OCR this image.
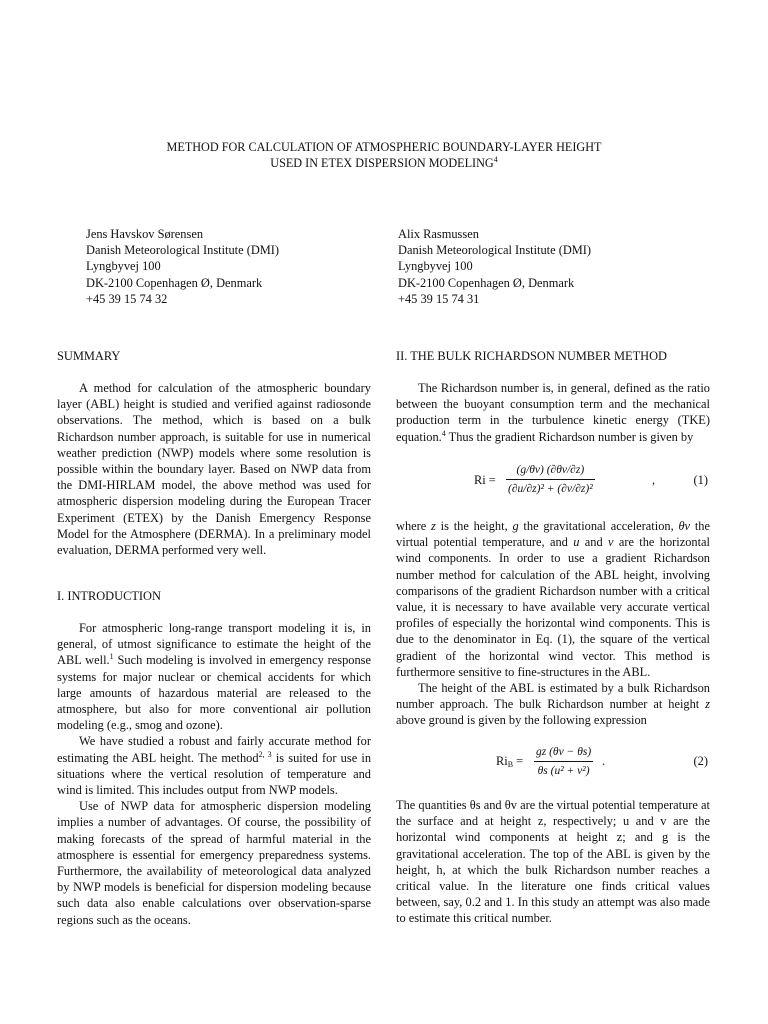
METHOD FOR CALCULATION OF ATMOSPHERIC BOUNDARY-LAYER HEIGHT
USED IN ETEX DISPERSION MODELING$^4$
Jens Havskov Sørensen
Danish Meteorological Institute (DMI)
Lyngbyvej 100
DK-2100 Copenhagen Ø, Denmark
+45 39 15 74 32
Alix Rasmussen
Danish Meteorological Institute (DMI)
Lyngbyvej 100
DK-2100 Copenhagen Ø, Denmark
+45 39 15 74 31
SUMMARY

A method for calculation of the atmospheric boundary layer (ABL) height is studied and verified against radiosonde observations. The method, which is based on a bulk Richardson number approach, is suitable for use in numerical weather prediction (NWP) models where some resolution is possible within the boundary layer. Based on NWP data from the DMI-HIRLAM model, the above method was used for atmospheric dispersion modeling during the European Tracer Experiment (ETEX) by the Danish Emergency Response Model for the Atmosphere (DERMA). In a preliminary model evaluation, DERMA performed very well.

I. INTRODUCTION

For atmospheric long-range transport modeling it is, in general, of utmost significance to estimate the height of the ABL well.$^1$ Such modeling is involved in emergency response systems for major nuclear or chemical accidents for which large amounts of hazardous material are released to the atmosphere, but also for more conventional air pollution modeling (e.g., smog and ozone).

We have studied a robust and fairly accurate method for estimating the ABL height. The method$^{2, 3}$ is suited for use in situations where the vertical resolution of temperature and wind is limited. This includes output from NWP models.

Use of NWP data for atmospheric dispersion modeling implies a number of advantages. Of course, the possibility of making forecasts of the spread of harmful material in the atmosphere is essential for emergency preparedness systems. Furthermore, the availability of meteorological data analyzed by NWP models is beneficial for dispersion modeling because such data also enable calculations over observation-sparse regions such as the oceans.

II. THE BULK RICHARDSON NUMBER METHOD

The Richardson number is, in general, defined as the ratio between the buoyant consumption term and the mechanical production term in the turbulence kinetic energy (TKE) equation.$^4$ Thus the gradient Richardson number is given by

Ri =
(g/θv) (∂θv/∂z)
(∂u/∂z)² + (∂v/∂z)²
,	(1)

where z is the height, g the gravitational acceleration, θv the virtual potential temperature, and u and v are the horizontal wind components. In order to use a gradient Richardson number method for calculation of the ABL height, involving comparisons of the gradient Richardson number with a critical value, it is necessary to have available very accurate vertical profiles of especially the horizontal wind components. This is due to the denominator in Eq. (1), the square of the vertical gradient of the horizontal wind vector. This method is furthermore sensitive to fine-structures in the ABL.

The height of the ABL is estimated by a bulk Richardson number approach. The bulk Richardson number at height z above ground is given by the following expression

$Ri_B$ =
gz (θv − θs)
θs (u² + v²)
.	(2)

The quantities θs and θv are the virtual potential temperature at the surface and at height z, respectively; u and v are the horizontal wind components at height z; and g is the gravitational acceleration. The top of the ABL is given by the height, h, at which the bulk Richardson number reaches a critical value. In the literature one finds critical values between, say, 0.2 and 1. In this study an attempt was also made to estimate this critical number.
